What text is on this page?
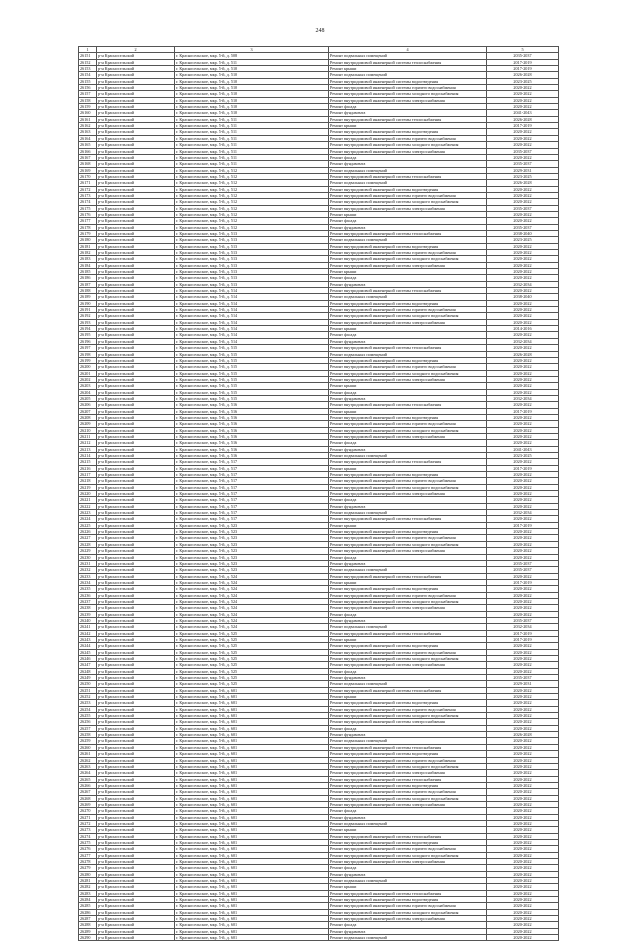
248
1	2	3	4	5
26151	р-н Красносельский	г. Красносельское, мкр. 5-й, д. 508	Ремонт подвальных помещений	2035-2037
26152	р-н Красносельский	г. Красносельское, мкр. 5-й, д. 511	Ремонт внутридомовой инженерной системы теплоснабжения	2017-2019
26153	р-н Красносельский	г. Красносельское, мкр. 5-й, д. 510	Ремонт крыши	2017-2019
26154	р-н Красносельский	г. Красносельское, мкр. 5-й, д. 510	Ремонт подвальных помещений	2026-2028
26155	р-н Красносельский	г. Красносельское, мкр. 5-й, д. 510	Ремонт внутридомовой инженерной системы водоотведения	2023-2025
26156	р-н Красносельский	г. Красносельское, мкр. 5-й, д. 510	Ремонт внутридомовой инженерной системы горячего водоснабжения	2020-2022
26157	р-н Красносельский	г. Красносельское, мкр. 5-й, д. 510	Ремонт внутридомовой инженерной системы холодного водоснабжения	2020-2022
26158	р-н Красносельский	г. Красносельское, мкр. 5-й, д. 510	Ремонт внутридомовой инженерной системы электроснабжения	2020-2022
26159	р-н Красносельский	г. Красносельское, мкр. 5-й, д. 510	Ремонт фасада	2020-2022
26160	р-н Красносельский	г. Красносельское, мкр. 5-й, д. 510	Ремонт фундамента	2041-2043
26161	р-н Красносельский	г. Красносельское, мкр. 5-й, д. 511	Ремонт внутридомовой инженерной системы теплоснабжения	2026-2028
26162	р-н Красносельский	г. Красносельское, мкр. 5-й, д. 511	Ремонт крыши	2017-2019
26163	р-н Красносельский	г. Красносельское, мкр. 5-й, д. 511	Ремонт внутридомовой инженерной системы водоотведения	2020-2022
26164	р-н Красносельский	г. Красносельское, мкр. 5-й, д. 511	Ремонт внутридомовой инженерной системы горячего водоснабжения	2020-2022
26165	р-н Красносельский	г. Красносельское, мкр. 5-й, д. 511	Ремонт внутридомовой инженерной системы холодного водоснабжения	2020-2022
26166	р-н Красносельский	г. Красносельское, мкр. 5-й, д. 511	Ремонт внутридомовой инженерной системы электроснабжения	2035-2037
26167	р-н Красносельский	г. Красносельское, мкр. 5-й, д. 511	Ремонт фасада	2020-2022
26168	р-н Красносельский	г. Красносельское, мкр. 5-й, д. 511	Ремонт фундамента	2035-2037
26169	р-н Красносельский	г. Красносельское, мкр. 5-й, д. 512	Ремонт подвальных помещений	2029-2031
26170	р-н Красносельский	г. Красносельское, мкр. 5-й, д. 512	Ремонт внутридомовой инженерной системы теплоснабжения	2023-2025
26171	р-н Красносельский	г. Красносельское, мкр. 5-й, д. 512	Ремонт подвальных помещений	2026-2028
26172	р-н Красносельский	г. Красносельское, мкр. 5-й, д. 512	Ремонт внутридомовой инженерной системы водоотведения	2020-2022
26173	р-н Красносельский	г. Красносельское, мкр. 5-й, д. 512	Ремонт внутридомовой инженерной системы горячего водоснабжения	2020-2022
26174	р-н Красносельский	г. Красносельское, мкр. 5-й, д. 512	Ремонт внутридомовой инженерной системы холодного водоснабжения	2020-2022
26175	р-н Красносельский	г. Красносельское, мкр. 5-й, д. 512	Ремонт внутридомовой инженерной системы электроснабжения	2035-2037
26176	р-н Красносельский	г. Красносельское, мкр. 5-й, д. 512	Ремонт крыши	2020-2022
26177	р-н Красносельский	г. Красносельское, мкр. 5-й, д. 512	Ремонт фасада	2020-2022
26178	р-н Красносельский	г. Красносельское, мкр. 5-й, д. 512	Ремонт фундамента	2035-2037
26179	р-н Красносельский	г. Красносельское, мкр. 5-й, д. 513	Ремонт внутридомовой инженерной системы теплоснабжения	2038-2040
26180	р-н Красносельский	г. Красносельское, мкр. 5-й, д. 513	Ремонт подвальных помещений	2023-2025
26181	р-н Красносельский	г. Красносельское, мкр. 5-й, д. 513	Ремонт внутридомовой инженерной системы водоотведения	2020-2022
26182	р-н Красносельский	г. Красносельское, мкр. 5-й, д. 513	Ремонт внутридомовой инженерной системы горячего водоснабжения	2020-2022
26183	р-н Красносельский	г. Красносельское, мкр. 5-й, д. 513	Ремонт внутридомовой инженерной системы холодного водоснабжения	2020-2022
26184	р-н Красносельский	г. Красносельское, мкр. 5-й, д. 513	Ремонт внутридомовой инженерной системы электроснабжения	2020-2022
26185	р-н Красносельский	г. Красносельское, мкр. 5-й, д. 513	Ремонт крыши	2020-2022
26186	р-н Красносельский	г. Красносельское, мкр. 5-й, д. 513	Ремонт фасада	2020-2022
26187	р-н Красносельский	г. Красносельское, мкр. 5-й, д. 513	Ремонт фундамента	2032-2034
26188	р-н Красносельский	г. Красносельское, мкр. 5-й, д. 514	Ремонт внутридомовой инженерной системы теплоснабжения	2020-2022
26189	р-н Красносельский	г. Красносельское, мкр. 5-й, д. 514	Ремонт подвальных помещений	2038-2040
26190	р-н Красносельский	г. Красносельское, мкр. 5-й, д. 514	Ремонт внутридомовой инженерной системы водоотведения	2020-2022
26191	р-н Красносельский	г. Красносельское, мкр. 5-й, д. 514	Ремонт внутридомовой инженерной системы горячего водоснабжения	2020-2022
26192	р-н Красносельский	г. Красносельское, мкр. 5-й, д. 514	Ремонт внутридомовой инженерной системы холодного водоснабжения	2020-2022
26193	р-н Красносельский	г. Красносельское, мкр. 5-й, д. 514	Ремонт внутридомовой инженерной системы электроснабжения	2020-2022
26194	р-н Красносельский	г. Красносельское, мкр. 5-й, д. 514	Ремонт крыши	2014-2016
26195	р-н Красносельский	г. Красносельское, мкр. 5-й, д. 514	Ремонт фасада	2020-2022
26196	р-н Красносельский	г. Красносельское, мкр. 5-й, д. 514	Ремонт фундамента	2032-2034
26197	р-н Красносельский	г. Красносельское, мкр. 5-й, д. 515	Ремонт внутридомовой инженерной системы теплоснабжения	2020-2022
26198	р-н Красносельский	г. Красносельское, мкр. 5-й, д. 515	Ремонт подвальных помещений	2026-2028
26199	р-н Красносельский	г. Красносельское, мкр. 5-й, д. 515	Ремонт внутридомовой инженерной системы водоотведения	2020-2022
26200	р-н Красносельский	г. Красносельское, мкр. 5-й, д. 515	Ремонт внутридомовой инженерной системы горячего водоснабжения	2020-2022
26201	р-н Красносельский	г. Красносельское, мкр. 5-й, д. 515	Ремонт внутридомовой инженерной системы холодного водоснабжения	2020-2022
26202	р-н Красносельский	г. Красносельское, мкр. 5-й, д. 515	Ремонт внутридомовой инженерной системы электроснабжения	2020-2022
26203	р-н Красносельский	г. Красносельское, мкр. 5-й, д. 515	Ремонт крыши	2020-2022
26204	р-н Красносельский	г. Красносельское, мкр. 5-й, д. 515	Ремонт фасада	2020-2022
26205	р-н Красносельский	г. Красносельское, мкр. 5-й, д. 515	Ремонт фундамента	2032-2034
26206	р-н Красносельский	г. Красносельское, мкр. 5-й, д. 516	Ремонт внутридомовой инженерной системы теплоснабжения	2020-2022
26207	р-н Красносельский	г. Красносельское, мкр. 5-й, д. 516	Ремонт крыши	2017-2019
26208	р-н Красносельский	г. Красносельское, мкр. 5-й, д. 516	Ремонт внутридомовой инженерной системы водоотведения	2020-2022
26209	р-н Красносельский	г. Красносельское, мкр. 5-й, д. 516	Ремонт внутридомовой инженерной системы горячего водоснабжения	2020-2022
26210	р-н Красносельский	г. Красносельское, мкр. 5-й, д. 516	Ремонт внутридомовой инженерной системы холодного водоснабжения	2020-2022
26211	р-н Красносельский	г. Красносельское, мкр. 5-й, д. 516	Ремонт внутридомовой инженерной системы электроснабжения	2020-2022
26212	р-н Красносельский	г. Красносельское, мкр. 5-й, д. 516	Ремонт фасада	2020-2022
26213	р-н Красносельский	г. Красносельское, мкр. 5-й, д. 516	Ремонт фундамента	2041-2043
26214	р-н Красносельский	г. Красносельское, мкр. 5-й, д. 516	Ремонт подвальных помещений	2023-2025
26215	р-н Красносельский	г. Красносельское, мкр. 5-й, д. 517	Ремонт внутридомовой инженерной системы теплоснабжения	2020-2022
26216	р-н Красносельский	г. Красносельское, мкр. 5-й, д. 517	Ремонт крыши	2017-2019
26217	р-н Красносельский	г. Красносельское, мкр. 5-й, д. 517	Ремонт внутридомовой инженерной системы водоотведения	2020-2022
26218	р-н Красносельский	г. Красносельское, мкр. 5-й, д. 517	Ремонт внутридомовой инженерной системы горячего водоснабжения	2020-2022
26219	р-н Красносельский	г. Красносельское, мкр. 5-й, д. 517	Ремонт внутридомовой инженерной системы холодного водоснабжения	2020-2022
26220	р-н Красносельский	г. Красносельское, мкр. 5-й, д. 517	Ремонт внутридомовой инженерной системы электроснабжения	2020-2022
26221	р-н Красносельский	г. Красносельское, мкр. 5-й, д. 517	Ремонт фасада	2020-2022
26222	р-н Красносельский	г. Красносельское, мкр. 5-й, д. 517	Ремонт фундамента	2020-2022
26223	р-н Красносельский	г. Красносельское, мкр. 5-й, д. 517	Ремонт подвальных помещений	2032-2034
26224	р-н Красносельский	г. Красносельское, мкр. 5-й, д. 517	Ремонт внутридомовой инженерной системы теплоснабжения	2020-2022
26225	р-н Красносельский	г. Красносельское, мкр. 5-й, д. 523	Ремонт крыши	2017-2019
26226	р-н Красносельский	г. Красносельское, мкр. 5-й, д. 523	Ремонт внутридомовой инженерной системы водоотведения	2020-2022
26227	р-н Красносельский	г. Красносельское, мкр. 5-й, д. 523	Ремонт внутридомовой инженерной системы горячего водоснабжения	2020-2022
26228	р-н Красносельский	г. Красносельское, мкр. 5-й, д. 523	Ремонт внутридомовой инженерной системы холодного водоснабжения	2020-2022
26229	р-н Красносельский	г. Красносельское, мкр. 5-й, д. 523	Ремонт внутридомовой инженерной системы электроснабжения	2020-2022
26230	р-н Красносельский	г. Красносельское, мкр. 5-й, д. 523	Ремонт фасада	2020-2022
26231	р-н Красносельский	г. Красносельское, мкр. 5-й, д. 523	Ремонт фундамента	2035-2037
26232	р-н Красносельский	г. Красносельское, мкр. 5-й, д. 523	Ремонт подвальных помещений	2035-2037
26233	р-н Красносельский	г. Красносельское, мкр. 5-й, д. 524	Ремонт внутридомовой инженерной системы теплоснабжения	2020-2022
26234	р-н Красносельский	г. Красносельское, мкр. 5-й, д. 524	Ремонт крыши	2017-2019
26235	р-н Красносельский	г. Красносельское, мкр. 5-й, д. 524	Ремонт внутридомовой инженерной системы водоотведения	2020-2022
26236	р-н Красносельский	г. Красносельское, мкр. 5-й, д. 524	Ремонт внутридомовой инженерной системы горячего водоснабжения	2020-2022
26237	р-н Красносельский	г. Красносельское, мкр. 5-й, д. 524	Ремонт внутридомовой инженерной системы холодного водоснабжения	2020-2022
26238	р-н Красносельский	г. Красносельское, мкр. 5-й, д. 524	Ремонт внутридомовой инженерной системы электроснабжения	2020-2022
26239	р-н Красносельский	г. Красносельское, мкр. 5-й, д. 524	Ремонт фасада	2020-2022
26240	р-н Красносельский	г. Красносельское, мкр. 5-й, д. 524	Ремонт фундамента	2035-2037
26241	р-н Красносельский	г. Красносельское, мкр. 5-й, д. 524	Ремонт подвальных помещений	2032-2034
26242	р-н Красносельский	г. Красносельское, мкр. 5-й, д. 525	Ремонт внутридомовой инженерной системы теплоснабжения	2017-2019
26243	р-н Красносельский	г. Красносельское, мкр. 5-й, д. 525	Ремонт крыши	2017-2019
26244	р-н Красносельский	г. Красносельское, мкр. 5-й, д. 525	Ремонт внутридомовой инженерной системы водоотведения	2020-2022
26245	р-н Красносельский	г. Красносельское, мкр. 5-й, д. 525	Ремонт внутридомовой инженерной системы горячего водоснабжения	2020-2022
26246	р-н Красносельский	г. Красносельское, мкр. 5-й, д. 525	Ремонт внутридомовой инженерной системы холодного водоснабжения	2020-2022
26247	р-н Красносельский	г. Красносельское, мкр. 5-й, д. 525	Ремонт внутридомовой инженерной системы электроснабжения	2020-2022
26248	р-н Красносельский	г. Красносельское, мкр. 5-й, д. 525	Ремонт фасада	2020-2022
26249	р-н Красносельский	г. Красносельское, мкр. 5-й, д. 525	Ремонт фундамента	2035-2037
26250	р-н Красносельский	г. Красносельское, мкр. 5-й, д. 525	Ремонт подвальных помещений	2029-2031
26251	р-н Красносельский	г. Красносельское, мкр. 5-й, д. 601	Ремонт внутридомовой инженерной системы теплоснабжения	2020-2022
26252	р-н Красносельский	г. Красносельское, мкр. 5-й, д. 601	Ремонт крыши	2020-2022
26253	р-н Красносельский	г. Красносельское, мкр. 5-й, д. 601	Ремонт внутридомовой инженерной системы водоотведения	2020-2022
26254	р-н Красносельский	г. Красносельское, мкр. 5-й, д. 601	Ремонт внутридомовой инженерной системы горячего водоснабжения	2020-2022
26255	р-н Красносельский	г. Красносельское, мкр. 5-й, д. 601	Ремонт внутридомовой инженерной системы холодного водоснабжения	2020-2022
26256	р-н Красносельский	г. Красносельское, мкр. 5-й, д. 601	Ремонт внутридомовой инженерной системы электроснабжения	2020-2022
26257	р-н Красносельский	г. Красносельское, мкр. 5-й, д. 601	Ремонт фасада	2020-2022
26258	р-н Красносельский	г. Красносельское, мкр. 5-й, д. 601	Ремонт фундамента	2026-2028
26259	р-н Красносельский	г. Красносельское, мкр. 5-й, д. 601	Ремонт подвальных помещений	2020-2022
26260	р-н Красносельский	г. Красносельское, мкр. 5-й, д. 601	Ремонт внутридомовой инженерной системы теплоснабжения	2020-2022
26261	р-н Красносельский	г. Красносельское, мкр. 5-й, д. 601	Ремонт внутридомовой инженерной системы водоотведения	2020-2022
26262	р-н Красносельский	г. Красносельское, мкр. 5-й, д. 601	Ремонт внутридомовой инженерной системы горячего водоснабжения	2020-2022
26263	р-н Красносельский	г. Красносельское, мкр. 5-й, д. 601	Ремонт внутридомовой инженерной системы холодного водоснабжения	2020-2022
26264	р-н Красносельский	г. Красносельское, мкр. 5-й, д. 601	Ремонт внутридомовой инженерной системы электроснабжения	2020-2022
26265	р-н Красносельский	г. Красносельское, мкр. 5-й, д. 601	Ремонт внутридомовой инженерной системы теплоснабжения	2020-2022
26266	р-н Красносельский	г. Красносельское, мкр. 5-й, д. 601	Ремонт внутридомовой инженерной системы водоотведения	2020-2022
26267	р-н Красносельский	г. Красносельское, мкр. 5-й, д. 601	Ремонт внутридомовой инженерной системы горячего водоснабжения	2020-2022
26268	р-н Красносельский	г. Красносельское, мкр. 5-й, д. 601	Ремонт внутридомовой инженерной системы холодного водоснабжения	2020-2022
26269	р-н Красносельский	г. Красносельское, мкр. 5-й, д. 601	Ремонт внутридомовой инженерной системы электроснабжения	2020-2022
26270	р-н Красносельский	г. Красносельское, мкр. 5-й, д. 601	Ремонт фасада	2020-2022
26271	р-н Красносельский	г. Красносельское, мкр. 5-й, д. 601	Ремонт фундамента	2020-2022
26272	р-н Красносельский	г. Красносельское, мкр. 5-й, д. 601	Ремонт подвальных помещений	2020-2022
26273	р-н Красносельский	г. Красносельское, мкр. 5-й, д. 601	Ремонт крыши	2020-2022
26274	р-н Красносельский	г. Красносельское, мкр. 5-й, д. 601	Ремонт внутридомовой инженерной системы теплоснабжения	2020-2022
26275	р-н Красносельский	г. Красносельское, мкр. 5-й, д. 601	Ремонт внутридомовой инженерной системы водоотведения	2020-2022
26276	р-н Красносельский	г. Красносельское, мкр. 5-й, д. 601	Ремонт внутридомовой инженерной системы горячего водоснабжения	2020-2022
26277	р-н Красносельский	г. Красносельское, мкр. 5-й, д. 601	Ремонт внутридомовой инженерной системы холодного водоснабжения	2020-2022
26278	р-н Красносельский	г. Красносельское, мкр. 5-й, д. 601	Ремонт внутридомовой инженерной системы электроснабжения	2020-2022
26279	р-н Красносельский	г. Красносельское, мкр. 5-й, д. 601	Ремонт фасада	2020-2022
26280	р-н Красносельский	г. Красносельское, мкр. 5-й, д. 601	Ремонт фундамента	2020-2022
26281	р-н Красносельский	г. Красносельское, мкр. 5-й, д. 601	Ремонт подвальных помещений	2020-2022
26282	р-н Красносельский	г. Красносельское, мкр. 5-й, д. 601	Ремонт крыши	2020-2022
26283	р-н Красносельский	г. Красносельское, мкр. 5-й, д. 601	Ремонт внутридомовой инженерной системы теплоснабжения	2020-2022
26284	р-н Красносельский	г. Красносельское, мкр. 5-й, д. 601	Ремонт внутридомовой инженерной системы водоотведения	2020-2022
26285	р-н Красносельский	г. Красносельское, мкр. 5-й, д. 601	Ремонт внутридомовой инженерной системы горячего водоснабжения	2020-2022
26286	р-н Красносельский	г. Красносельское, мкр. 5-й, д. 601	Ремонт внутридомовой инженерной системы холодного водоснабжения	2020-2022
26287	р-н Красносельский	г. Красносельское, мкр. 5-й, д. 601	Ремонт внутридомовой инженерной системы электроснабжения	2020-2022
26288	р-н Красносельский	г. Красносельское, мкр. 5-й, д. 601	Ремонт фасада	2020-2022
26289	р-н Красносельский	г. Красносельское, мкр. 5-й, д. 601	Ремонт фундамента	2020-2022
26290	р-н Красносельский	г. Красносельское, мкр. 5-й, д. 601	Ремонт подвальных помещений	2020-2022
